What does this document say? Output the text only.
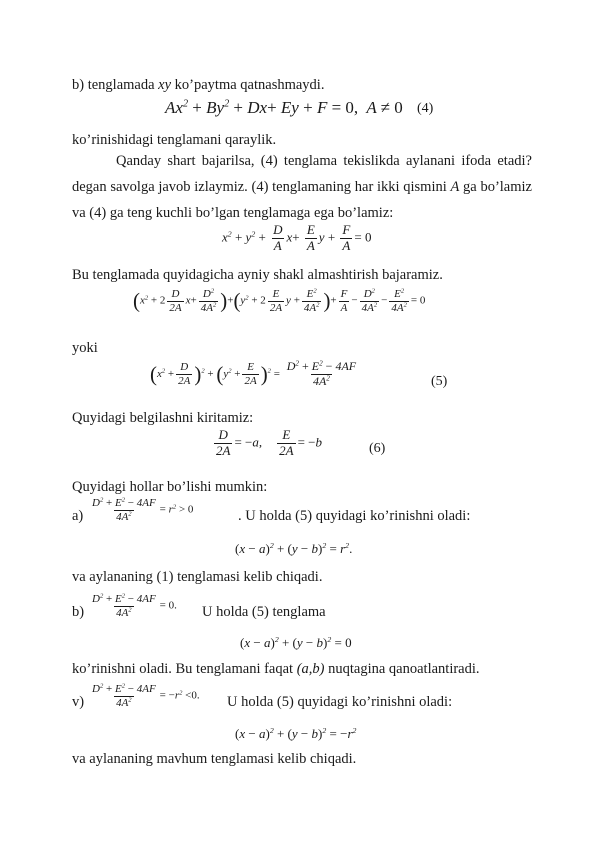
b) tenglamada xy ko’paytma qatnashmaydi.
$Ax^2 + By^2 + Dx+ Ey + F = 0$,  A ≠ 0 (4)
ko’rinishidagi tenglamani qaraylik.
Qanday shart bajarilsa, (4) tenglama tekislikda aylanani ifoda etadi? degan savolga javob izlaymiz. (4) tenglamaning har ikki qismini A ga bo’lamiz va (4) ga teng kuchli bo’lgan tenglamaga ega bo’lamiz:
$x^2 + y^2 + \frac{D}{A} x+ \frac{E}{A}$ $y + \frac{F}{A} = 0$
Bu tenglamada quyidagicha ayniy shakl almashtirish bajaramiz.
$(x^2 + 2 \frac{D}{2A} x+ \frac{D^2}{4A^2} )+(y^2 + 2 \frac{E}{2A}$ $y + \frac{E^2}{4A^2}$ )+ $\frac{F}{A} - \frac{D^2}{4A^2} - \frac{E^2}{4A^2} = 0$
yoki
$(x^2 + \frac{D}{2A} )^2 + (y^2 + \frac{E}{2A} )^2 = \frac{D^2 + E^2 - 4AF}{4A^2}$	(5)
Quyidagi belgilashni kiritamiz:
$\frac{D}{2A} = -a$, $\frac{E}{2A} = -b$	(6)
Quyidagi hollar bo’lishi mumkin:
$a) \frac{D^2 + E^2 - 4AF}{4A^2} = r^2 > 0$	. U holda (5) quyidagi ko’rinishni oladi:
$(x - a)^2 + (y - b)^2 = r^2$.
va aylananing (1) tenglamasi kelib chiqadi.
$b) \frac{D^2 + E^2 - 4AF}{4A^2} = 0$. U holda (5) tenglama
$(x - a)^2 + (y - b)^2 = 0$
ko’rinishni oladi. Bu tenglamani faqat (a,b) nuqtagina qanoatlantiradi.
$v) \frac{D^2 + E^2 - 4AF}{4A^2} = -r^2 <0$. U holda (5) quyidagi ko’rinishni oladi:
$(x - a)^2 + (y - b)^2 = -r^2$
va aylananing mavhum tenglamasi kelib chiqadi.
